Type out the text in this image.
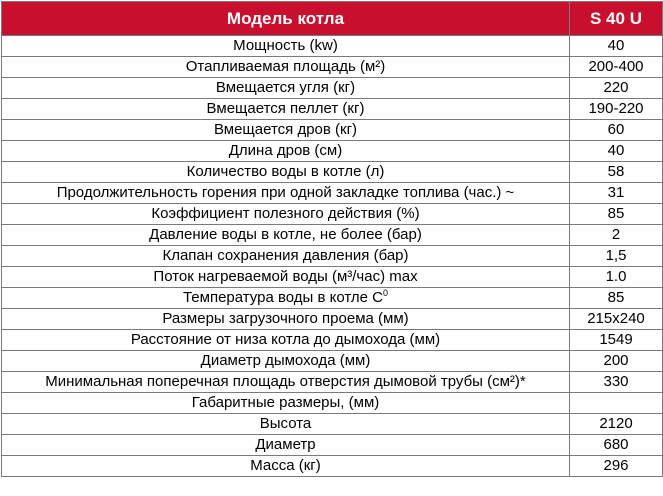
Модель котла	S 40 U
Мощность (kw)	40
Отапливаемая площадь (м²)	200-400
Вмещается угля (кг)	220
Вмещается пеллет (кг)	190-220
Вмещается дров (кг)	60
Длина дров (см)	40
Количество воды в котле (л)	58
Продолжительность горения при одной закладке топлива (час.) ~	31
Коэффициент полезного действия (%)	85
Давление воды в котле, не более (бар)	2
Клапан сохранения давления (бар)	1,5
Поток нагреваемой воды (м³/час) max	1.0
Температура воды в котле $C^0$	85
Размеры загрузочного проема (мм)	215x240
Расстояние от низа котла до дымохода (мм)	1549
Диаметр дымохода (мм)	200
Минимальная поперечная площадь отверстия дымовой трубы (см²)*	330
Габаритные размеры, (мм)	
Высота	2120
Диаметр	680
Масса (кг)	296
